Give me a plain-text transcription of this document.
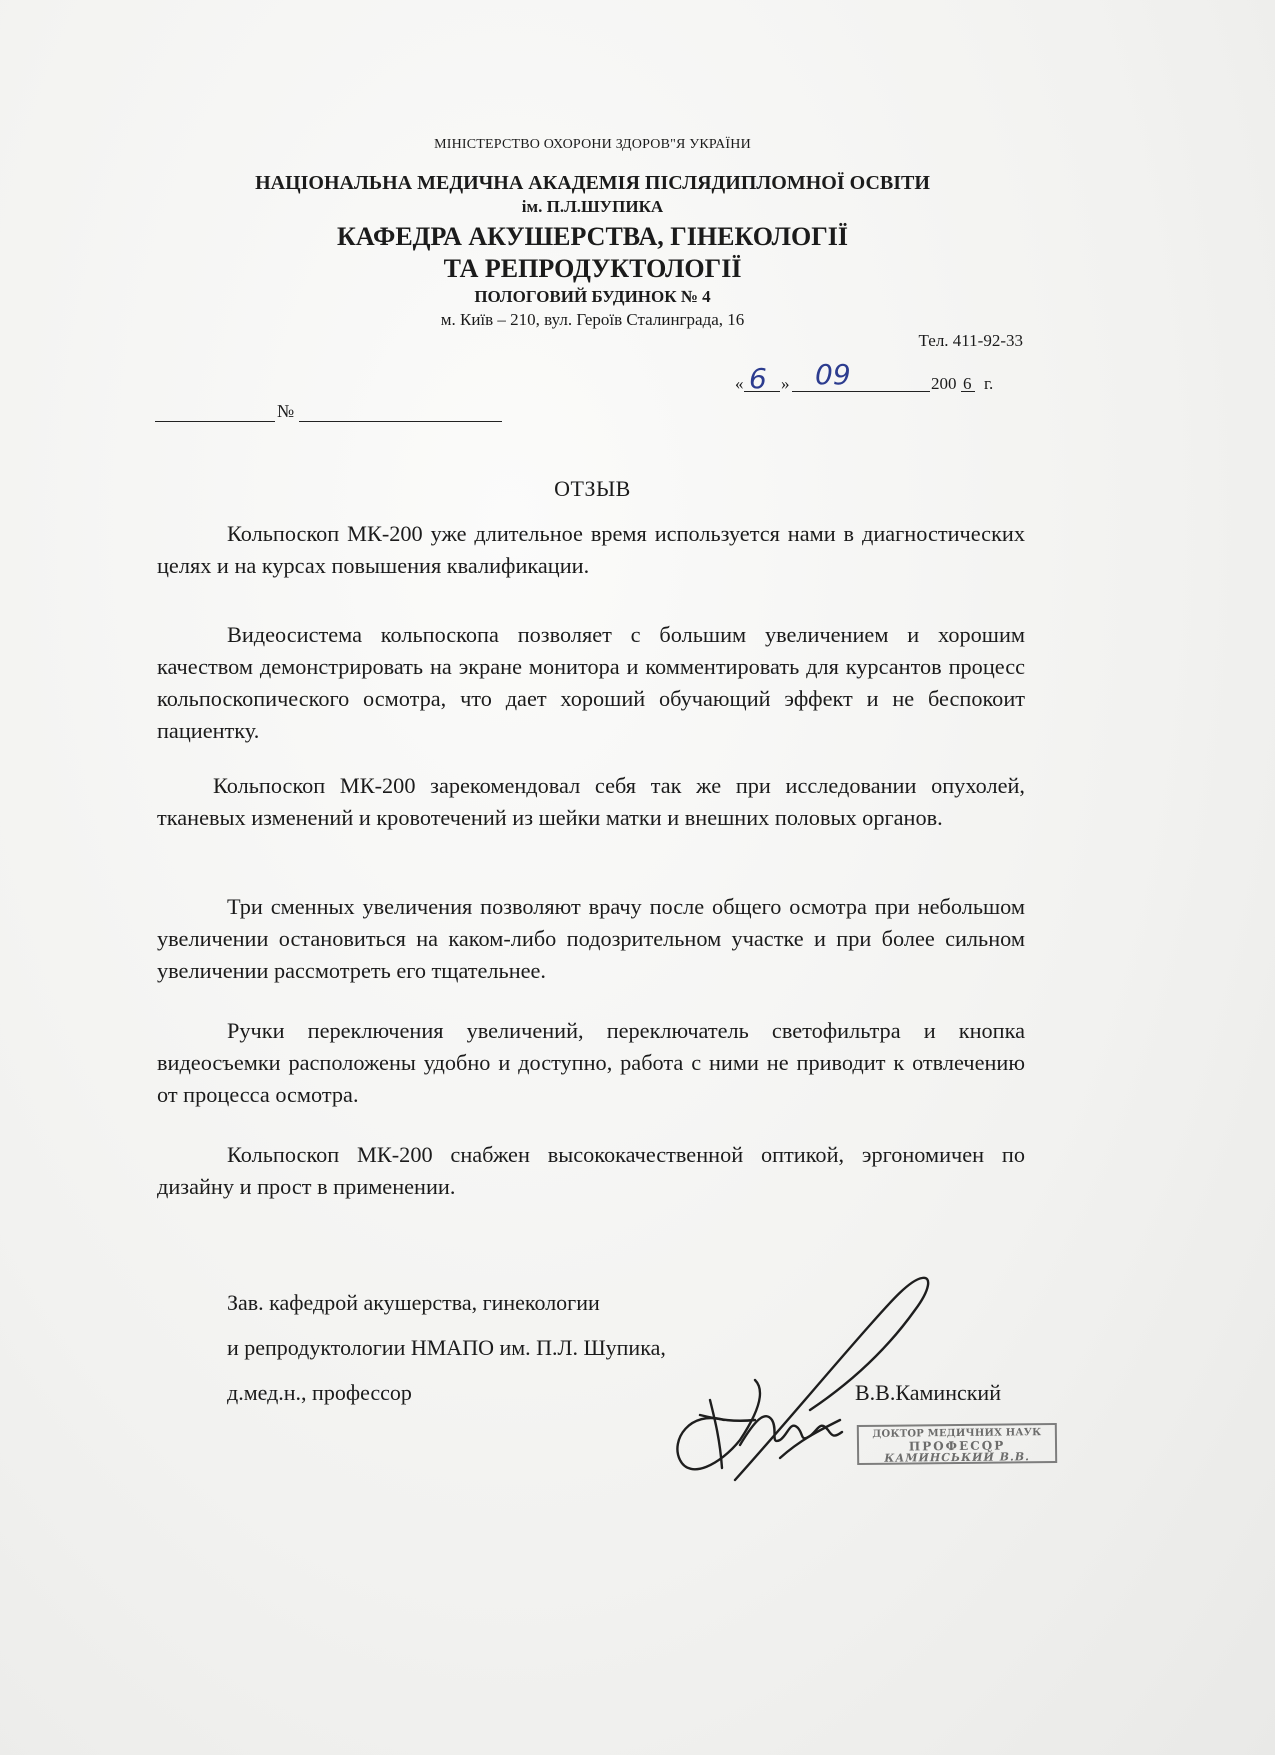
МІНІСТЕРСТВО ОХОРОНИ ЗДОРОВ"Я УКРАЇНИ
НАЦІОНАЛЬНА МЕДИЧНА АКАДЕМІЯ ПІСЛЯДИПЛОМНОЇ ОСВІТИ
ім. П.Л.ШУПИКА
КАФЕДРА АКУШЕРСТВА, ГІНЕКОЛОГІЇ
ТА РЕПРОДУКТОЛОГІЇ
ПОЛОГОВИЙ БУДИНОК № 4
м. Київ – 210, вул. Героїв Сталинграда, 16
Тел. 411-92-33
« 6 » 09	200 6 г.
№
ОТЗЫВ

Кольпоскоп МК-200 уже длительное время используется нами в диагностических целях и на курсах повышения квалификации.

Видеосистема кольпоскопа позволяет с большим увеличением и хорошим качеством демонстрировать на экране монитора и комментировать для курсантов процесс кольпоскопического осмотра, что дает хороший обучающий эффект и не беспокоит пациентку.

Кольпоскоп МК-200 зарекомендовал себя так же при исследовании опухолей, тканевых изменений и кровотечений из шейки матки и внешних половых органов.

Три сменных увеличения позволяют врачу после общего осмотра при небольшом увеличении остановиться на каком-либо подозрительном участке и при более сильном увеличении рассмотреть его тщательнее.

Ручки переключения увеличений, переключатель светофильтра и кнопка видеосъемки расположены удобно и доступно, работа с ними не приводит к отвлечению от процесса осмотра.

Кольпоскоп МК-200 снабжен высококачественной оптикой, эргономичен по дизайну и прост в применении.

Зав. кафедрой акушерства, гинекологии
и репродуктологии НМАПО им. П.Л. Шупика,
д.мед.н., профессор	В.В.Каминский
ДОКТОР МЕДИЧНИХ НАУК
ПРОФЕСОР
КАМИНСЬКИЙ В.В.
